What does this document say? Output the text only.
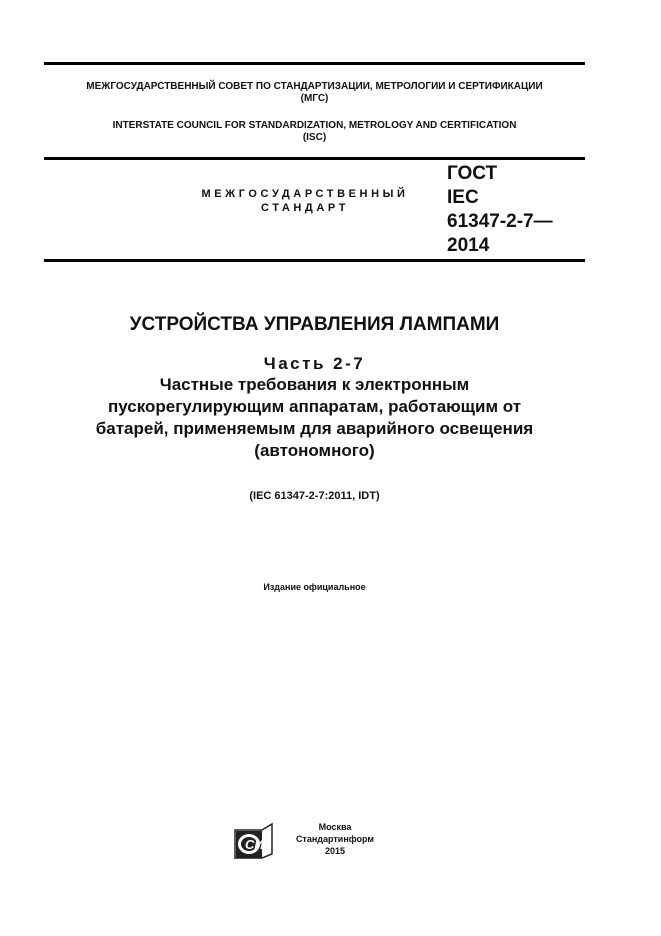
МЕЖГОСУДАРСТВЕННЫЙ СОВЕТ ПО СТАНДАРТИЗАЦИИ, МЕТРОЛОГИИ И СЕРТИФИКАЦИИ
(МГС)
INTERSTATE COUNCIL FOR STANDARDIZATION, METROLOGY AND CERTIFICATION
(ISC)
МЕЖГОСУДАРСТВЕННЫЙ
СТАНДАРТ
ГОСТ
IEC
61347-2-7—
2014
УСТРОЙСТВА УПРАВЛЕНИЯ ЛАМПАМИ
Часть 2-7
Частные требования к электронным
пускорегулирующим аппаратам, работающим от
батарей, применяемым для аварийного освещения
(автономного)
(IEC 61347-2-7:2011, IDT)
Издание официальное
СИ
Москва
Стандартинформ
2015
